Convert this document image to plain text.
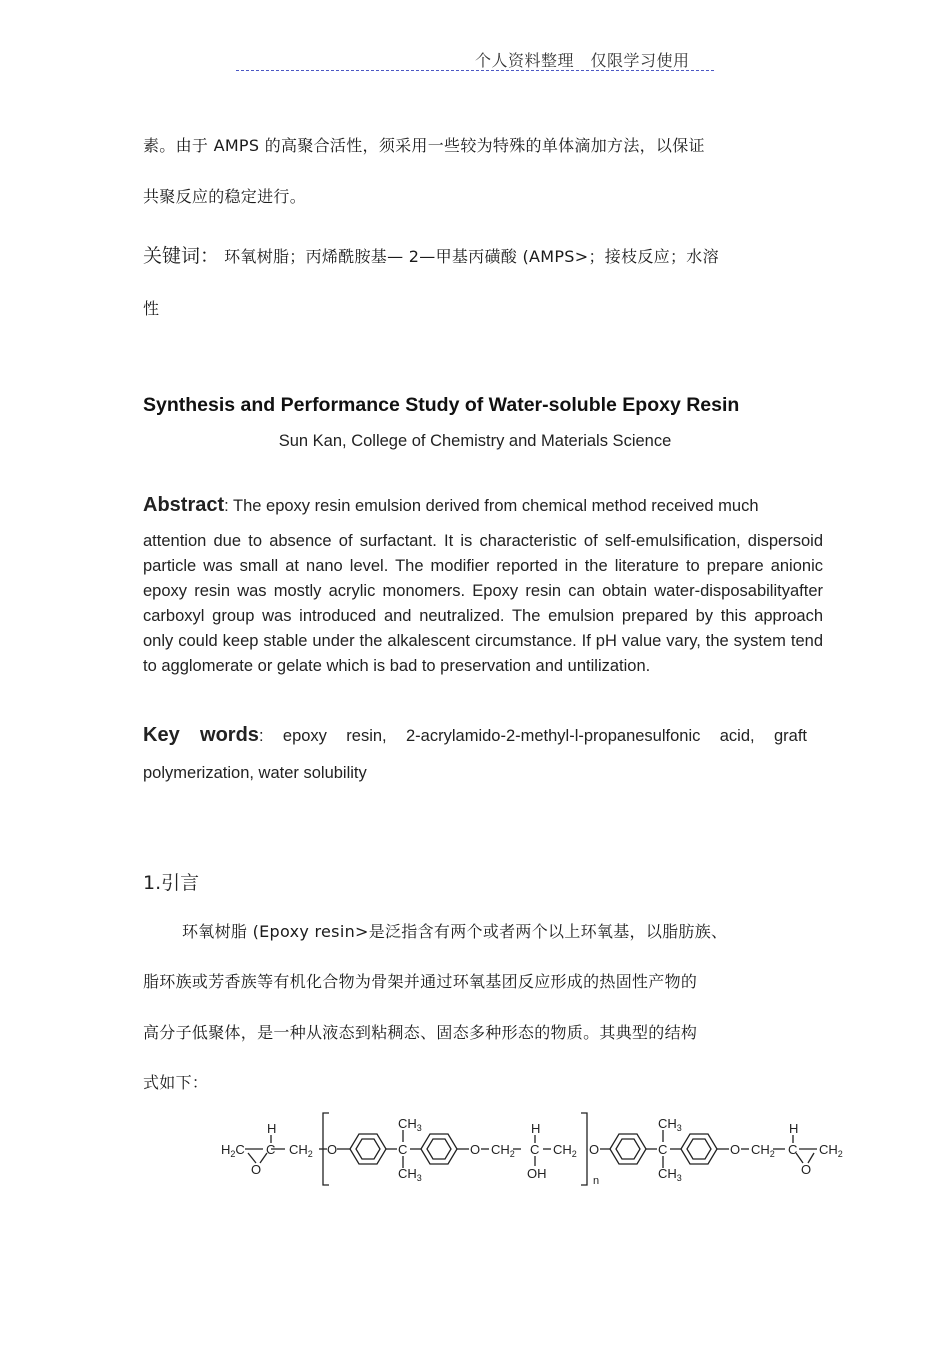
个人资料整理　仅限学习使用
素。由于 AMPS 的高聚合活性，须采用一些较为特殊的单体滴加方法，以保证
共聚反应的稳定进行。
关键词： 环氧树脂；丙烯酰胺基— 2—甲基丙磺酸 (AMPS>；接枝反应；水溶
性
Synthesis and Performance Study of Water-soluble Epoxy Resin
Sun Kan, College of Chemistry and Materials Science
Abstract: The epoxy resin emulsion derived from chemical method received much
attention due to absence of surfactant. It is characteristic of self-emulsification, dispersoid particle was small at nano level. The modifier reported in the literature to prepare anionic epoxy resin was mostly acrylic monomers. Epoxy resin can obtain water-disposabilityafter carboxyl group was introduced and neutralized. The emulsion prepared by this approach only could keep stable under the alkalescent circumstance. If pH value vary, the system tend to agglomerate or gelate which is bad to preservation and untilization.
Key words: epoxy resin, 2-acrylamido-2-methyl-l-propanesulfonic acid, graft polymerization, water solubility
1.引言
环氧树脂 (Epoxy resin>是泛指含有两个或者两个以上环氧基，以脂肪族、
脂环族或芳香族等有机化合物为骨架并通过环氧基团反应形成的热固性产物的
高分子低聚体，是一种从液态到粘稠态、固态多种形态的物质。其典型的结构
式如下：
$H_2C$
O
H
C $CH_2$ O
$CH_3$
C
$CH_3$
O $CH_2$
H
C
OH
$CH_2$
n
O
$CH_3$
C
$CH_3$
O $CH_2$
H
C $CH_2$
O
